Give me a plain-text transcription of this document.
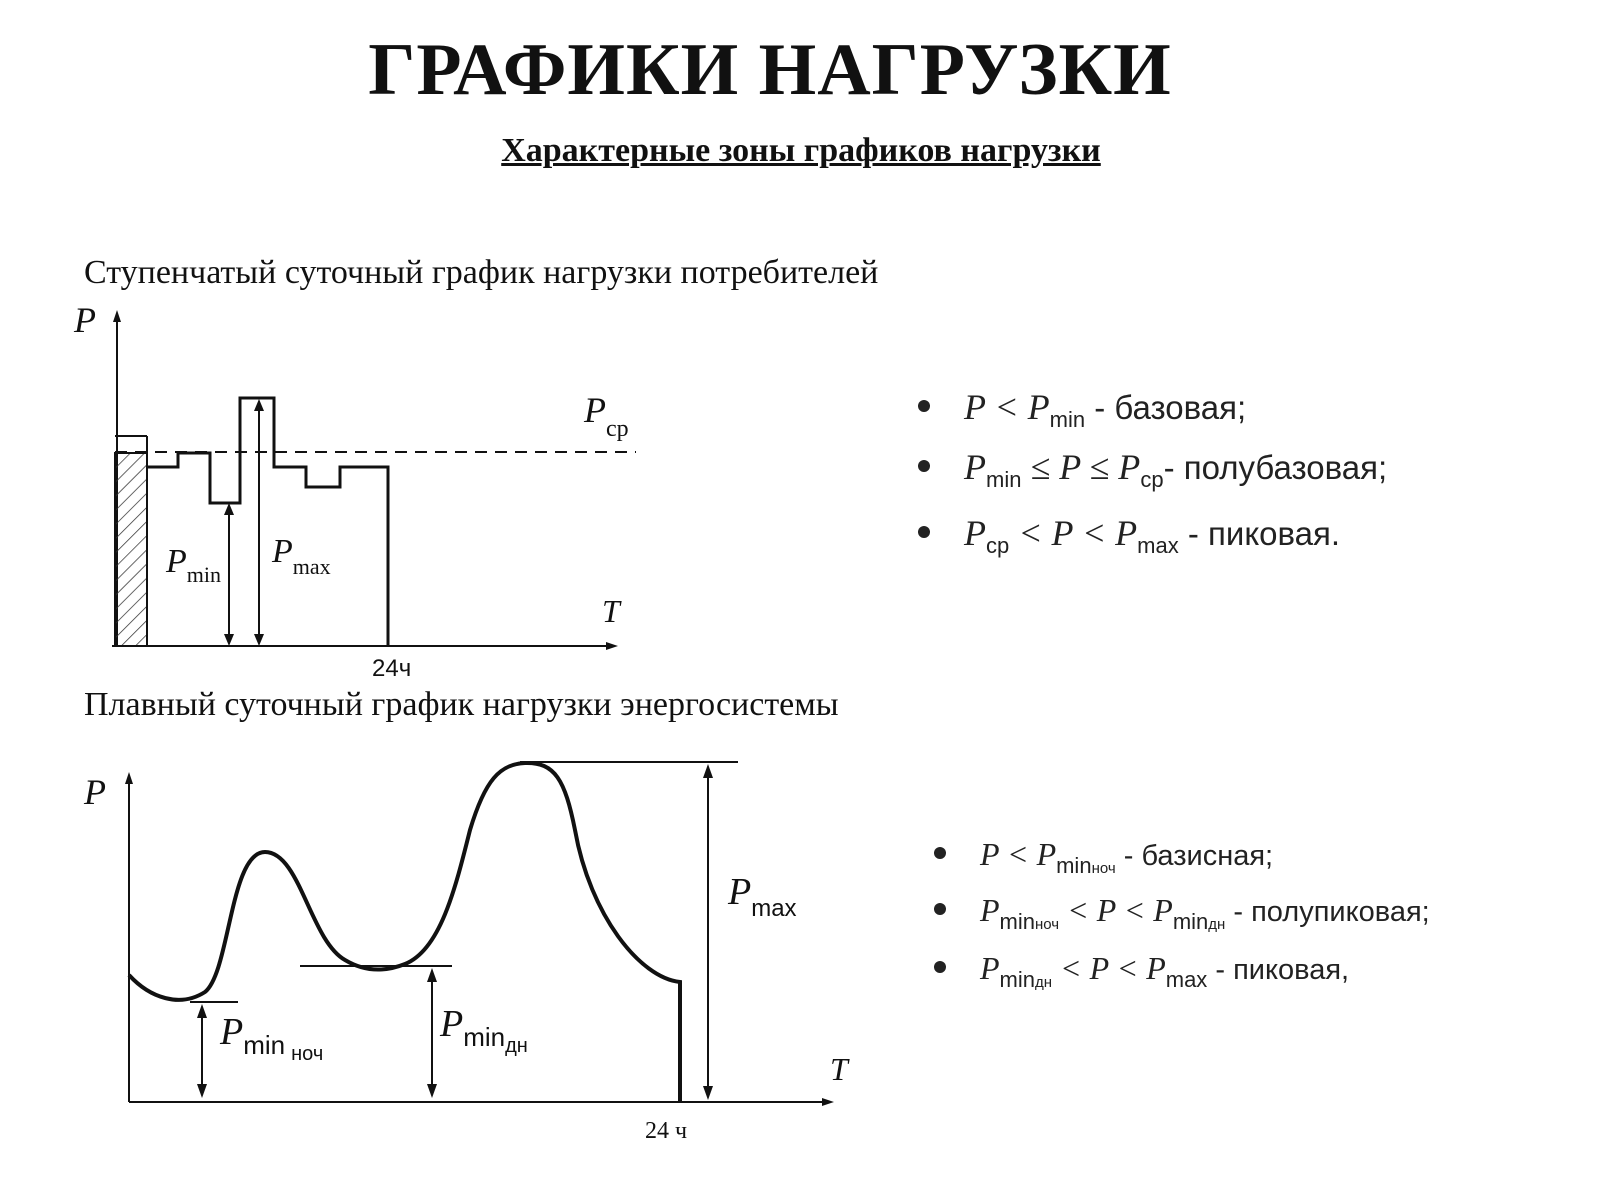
ГРАФИКИ НАГРУЗКИ
Характерные зоны графиков нагрузки
Ступенчатый суточный график нагрузки потребителей
P
T
24ч
$P_{ср}$
$P_{min}$
$P_{max}$
$P < P_{min}$ - базовая;
$P_{min} \le P \le P_{ср}-$ полубазовая;
$P_{ср} < P < P_{max}$ - пиковая.
Плавный суточный график нагрузки энергосистемы
P
T
24 ч
$P_{max}$
$P_{min}$ ноч
$P_{min}дн$
$P < P_{minноч}$ - базисная;
$P_{minноч} < P < P_{minдн}$ - полупиковая;
$P_{minдн} < P < P_{max}$ - пиковая,
